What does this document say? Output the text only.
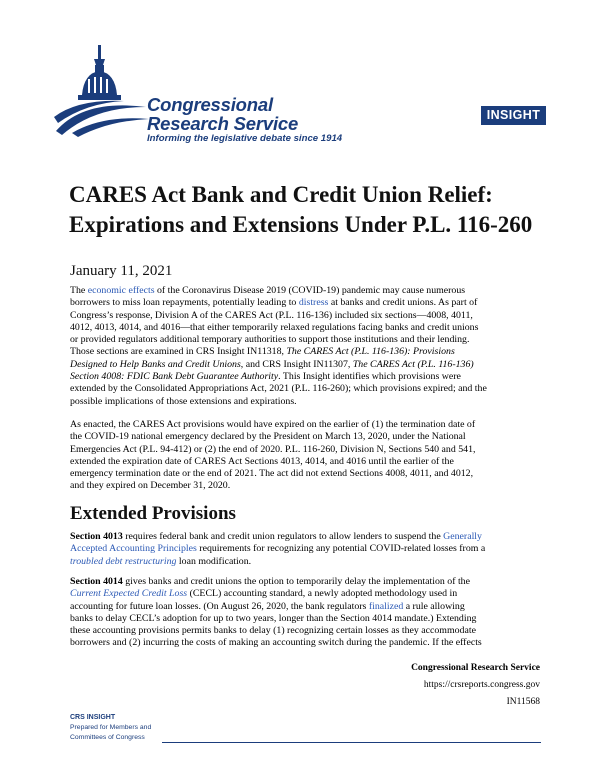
Congressional
Research Service
Informing the legislative debate since 1914
INSIGHT
CARES Act Bank and Credit Union Relief:
Expirations and Extensions Under P.L. 116-260
January 11, 2021
The economic effects of the Coronavirus Disease 2019 (COVID-19) pandemic may cause numerous
borrowers to miss loan repayments, potentially leading to distress at banks and credit unions. As part of
Congress’s response, Division A of the CARES Act (P.L. 116-136) included six sections—4008, 4011,
4012, 4013, 4014, and 4016—that either temporarily relaxed regulations facing banks and credit unions
or provided regulators additional temporary authorities to support those institutions and their lending.
Those sections are examined in CRS Insight IN11318, The CARES Act (P.L. 116-136): Provisions
Designed to Help Banks and Credit Unions, and CRS Insight IN11307, The CARES Act (P.L. 116-136)
Section 4008: FDIC Bank Debt Guarantee Authority. This Insight identifies which provisions were
extended by the Consolidated Appropriations Act, 2021 (P.L. 116-260); which provisions expired; and the
possible implications of those extensions and expirations.
As enacted, the CARES Act provisions would have expired on the earlier of (1) the termination date of
the COVID-19 national emergency declared by the President on March 13, 2020, under the National
Emergencies Act (P.L. 94-412) or (2) the end of 2020. P.L. 116-260, Division N, Sections 540 and 541,
extended the expiration date of CARES Act Sections 4013, 4014, and 4016 until the earlier of the
emergency termination date or the end of 2021. The act did not extend Sections 4008, 4011, and 4012,
and they expired on December 31, 2020.
Extended Provisions
Section 4013 requires federal bank and credit union regulators to allow lenders to suspend the Generally
Accepted Accounting Principles requirements for recognizing any potential COVID-related losses from a
troubled debt restructuring loan modification.
Section 4014 gives banks and credit unions the option to temporarily delay the implementation of the
Current Expected Credit Loss (CECL) accounting standard, a newly adopted methodology used in
accounting for future loan losses. (On August 26, 2020, the bank regulators finalized a rule allowing
banks to delay CECL’s adoption for up to two years, longer than the Section 4014 mandate.) Extending
these accounting provisions permits banks to delay (1) recognizing certain losses as they accommodate
borrowers and (2) incurring the costs of making an accounting switch during the pandemic. If the effects
Congressional Research Service
https://crsreports.congress.gov
IN11568
CRS INSIGHT
Prepared for Members and
Committees of Congress
